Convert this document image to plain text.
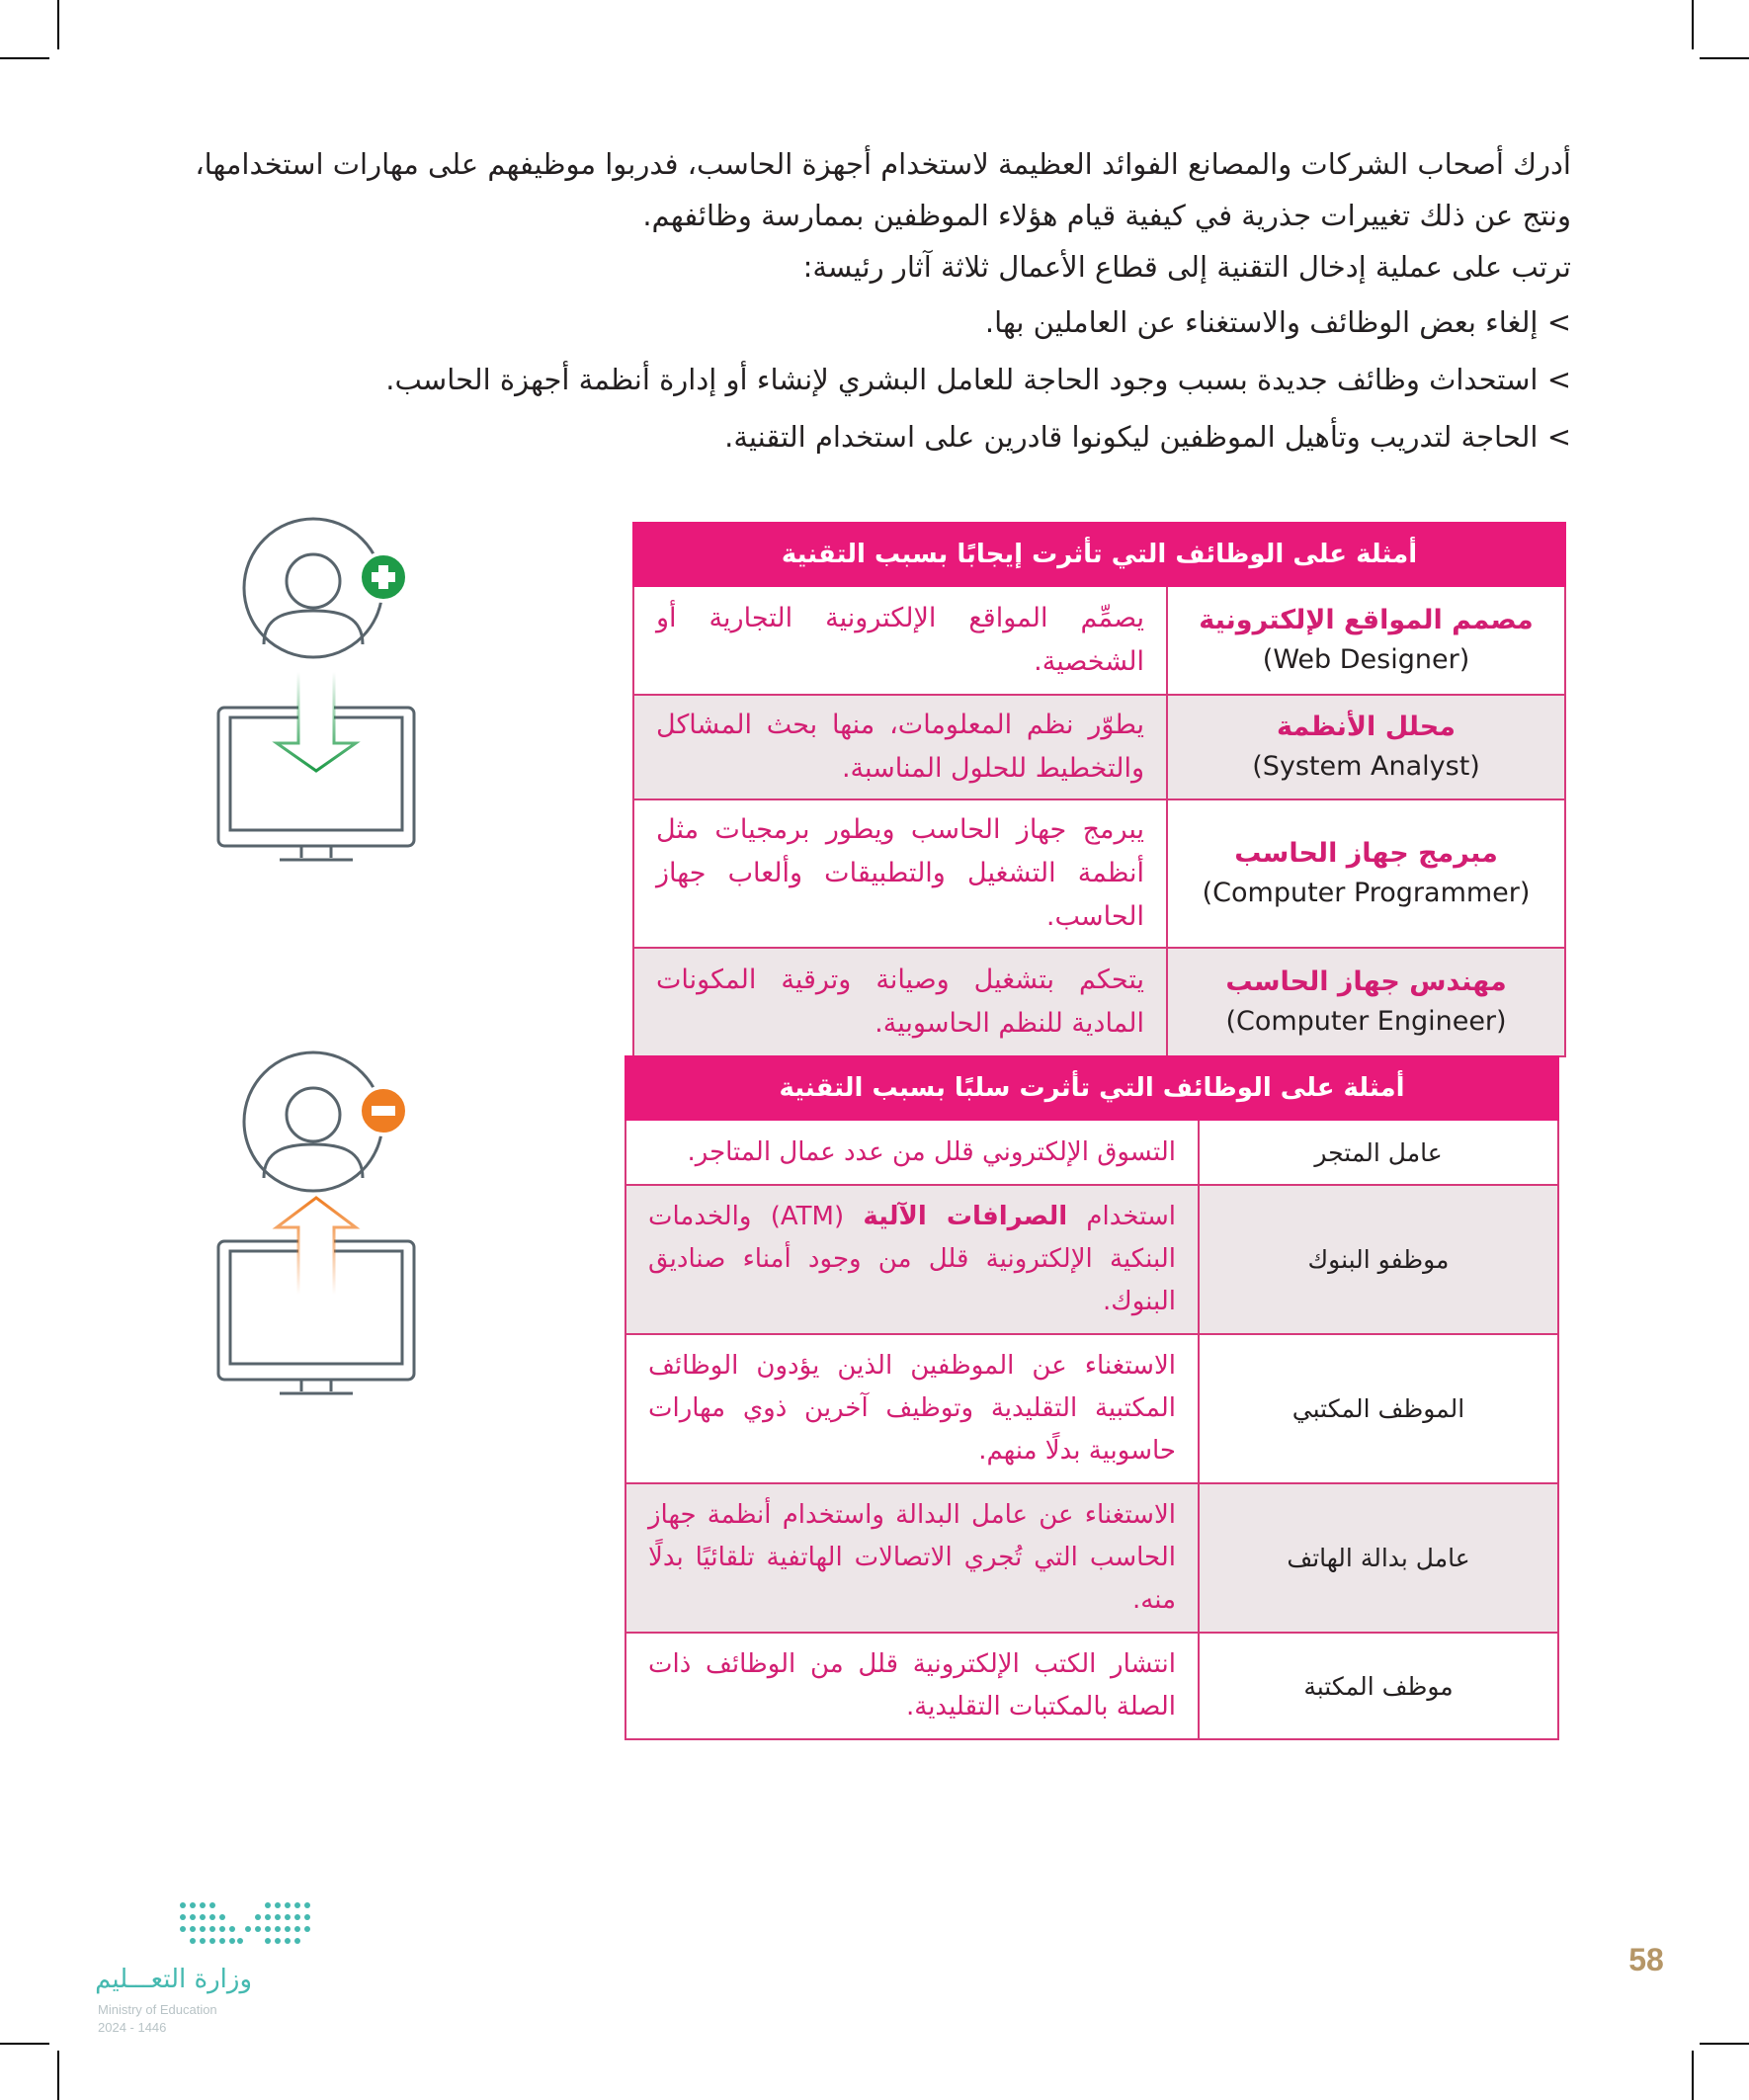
أدرك أصحاب الشركات والمصانع الفوائد العظيمة لاستخدام أجهزة الحاسب، فدربوا موظيفهم على مهارات استخدامها، ونتج عن ذلك تغييرات جذرية في كيفية قيام هؤلاء الموظفين بممارسة وظائفهم.

ترتب على عملية إدخال التقنية إلى قطاع الأعمال ثلاثة آثار رئيسة:

> إلغاء بعض الوظائف والاستغناء عن العاملين بها.

> استحداث وظائف جديدة بسبب وجود الحاجة للعامل البشري لإنشاء أو إدارة أنظمة أجهزة الحاسب.

> الحاجة لتدريب وتأهيل الموظفين ليكونوا قادرين على استخدام التقنية.

أمثلة على الوظائف التي تأثرت إيجابًا بسبب التقنية	

مصمم المواقع الإلكترونية
(Web Designer)	يصمِّم المواقع الإلكترونية التجارية أو الشخصية.

محلل الأنظمة
(System Analyst)	يطوّر نظم المعلومات، منها بحث المشاكل والتخطيط للحلول المناسبة.

مبرمج جهاز الحاسب
(Computer Programmer)	يبرمج جهاز الحاسب ويطور برمجيات مثل أنظمة التشغيل والتطبيقات وألعاب جهاز الحاسب.

مهندس جهاز الحاسب
(Computer Engineer)	يتحكم بتشغيل وصيانة وترقية المكونات المادية للنظم الحاسوبية.
أمثلة على الوظائف التي تأثرت سلبًا بسبب التقنية	
عامل المتجر	التسوق الإلكتروني قلل من عدد عمال المتاجر.
موظفو البنوك	استخدام الصرافات الآلية (ATM) والخدمات البنكية الإلكترونية قلل من وجود أمناء صناديق البنوك.
الموظف المكتبي	الاستغناء عن الموظفين الذين يؤدون الوظائف المكتبية التقليدية وتوظيف آخرين ذوي مهارات حاسوبية بدلًا منهم.
عامل بدالة الهاتف	الاستغناء عن عامل البدالة واستخدام أنظمة جهاز الحاسب التي تُجري الاتصالات الهاتفية تلقائيًا بدلًا منه.
موظف المكتبة	انتشار الكتب الإلكترونية قلل من الوظائف ذات الصلة بالمكتبات التقليدية.
وزارة التعـــليم
Ministry of Education
2024 - 1446
58
